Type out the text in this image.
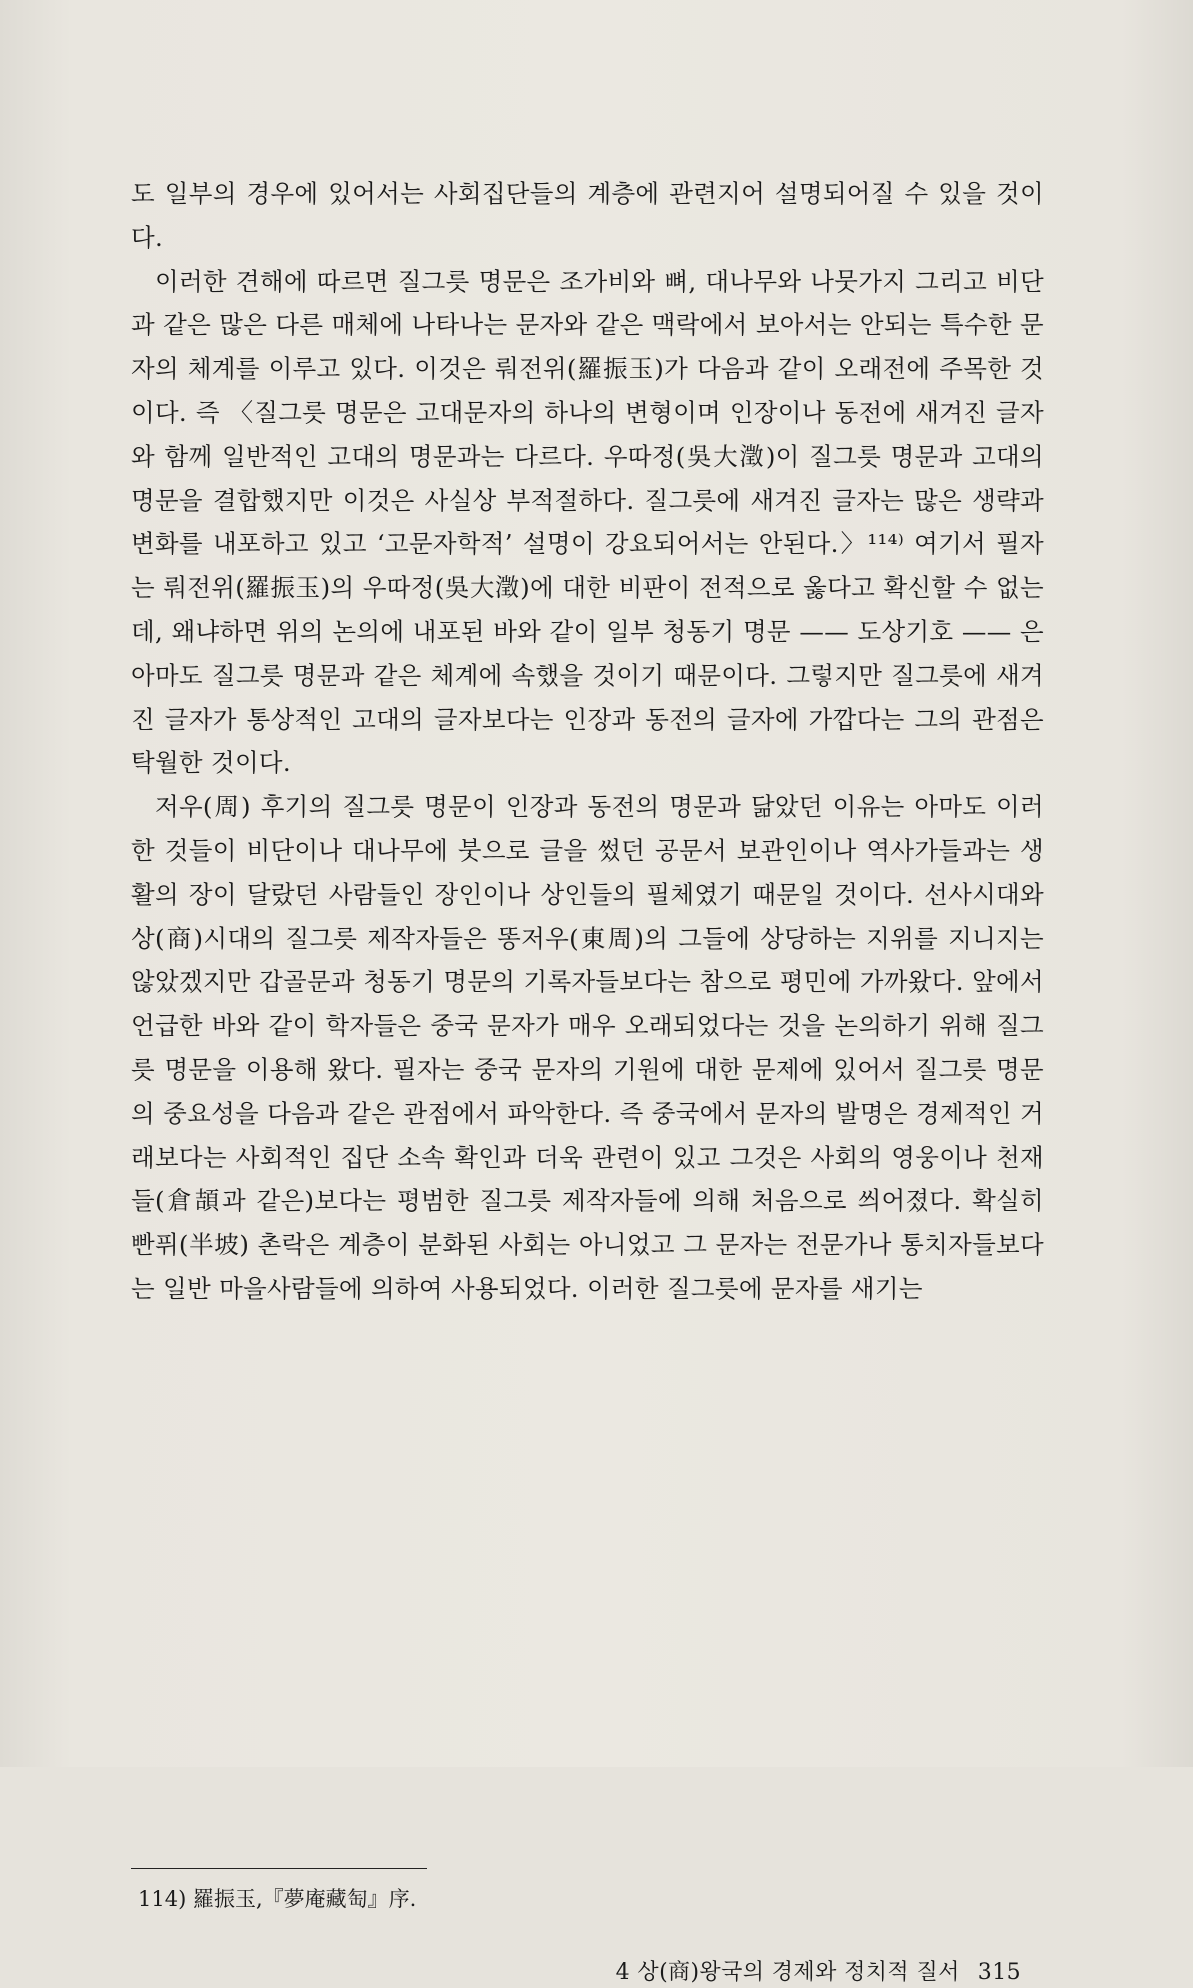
도 일부의 경우에 있어서는 사회집단들의 계층에 관련지어 설명되어질 수 있을 것이다.

이러한 견해에 따르면 질그릇 명문은 조가비와 뼈, 대나무와 나뭇가지 그리고 비단과 같은 많은 다른 매체에 나타나는 문자와 같은 맥락에서 보아서는 안되는 특수한 문자의 체계를 이루고 있다. 이것은 뤄전위(羅振玉)가 다음과 같이 오래전에 주목한 것이다. 즉 〈질그릇 명문은 고대문자의 하나의 변형이며 인장이나 동전에 새겨진 글자와 함께 일반적인 고대의 명문과는 다르다. 우따정(吳大澂)이 질그릇 명문과 고대의 명문을 결합했지만 이것은 사실상 부적절하다. 질그릇에 새겨진 글자는 많은 생략과 변화를 내포하고 있고 ‘고문자학적’ 설명이 강요되어서는 안된다.〉¹¹⁴⁾ 여기서 필자는 뤄전위(羅振玉)의 우따정(吳大澂)에 대한 비판이 전적으로 옳다고 확신할 수 없는데, 왜냐하면 위의 논의에 내포된 바와 같이 일부 청동기 명문 —— 도상기호 —— 은 아마도 질그릇 명문과 같은 체계에 속했을 것이기 때문이다. 그렇지만 질그릇에 새겨진 글자가 통상적인 고대의 글자보다는 인장과 동전의 글자에 가깝다는 그의 관점은 탁월한 것이다.

저우(周) 후기의 질그릇 명문이 인장과 동전의 명문과 닮았던 이유는 아마도 이러한 것들이 비단이나 대나무에 붓으로 글을 썼던 공문서 보관인이나 역사가들과는 생활의 장이 달랐던 사람들인 장인이나 상인들의 필체였기 때문일 것이다. 선사시대와 상(商)시대의 질그릇 제작자들은 똥저우(東周)의 그들에 상당하는 지위를 지니지는 않았겠지만 갑골문과 청동기 명문의 기록자들보다는 참으로 평민에 가까왔다. 앞에서 언급한 바와 같이 학자들은 중국 문자가 매우 오래되었다는 것을 논의하기 위해 질그릇 명문을 이용해 왔다. 필자는 중국 문자의 기원에 대한 문제에 있어서 질그릇 명문의 중요성을 다음과 같은 관점에서 파악한다. 즉 중국에서 문자의 발명은 경제적인 거래보다는 사회적인 집단 소속 확인과 더욱 관련이 있고 그것은 사회의 영웅이나 천재들(倉頡과 같은)보다는 평범한 질그릇 제작자들에 의해 처음으로 씌어졌다. 확실히 빤퓌(半坡) 촌락은 계층이 분화된 사회는 아니었고 그 문자는 전문가나 통치자들보다는 일반 마을사람들에 의하여 사용되었다. 이러한 질그릇에 문자를 새기는

114) 羅振玉,『夢庵藏匋』序.
4 상(商)왕국의 경제와 정치적 질서 315
